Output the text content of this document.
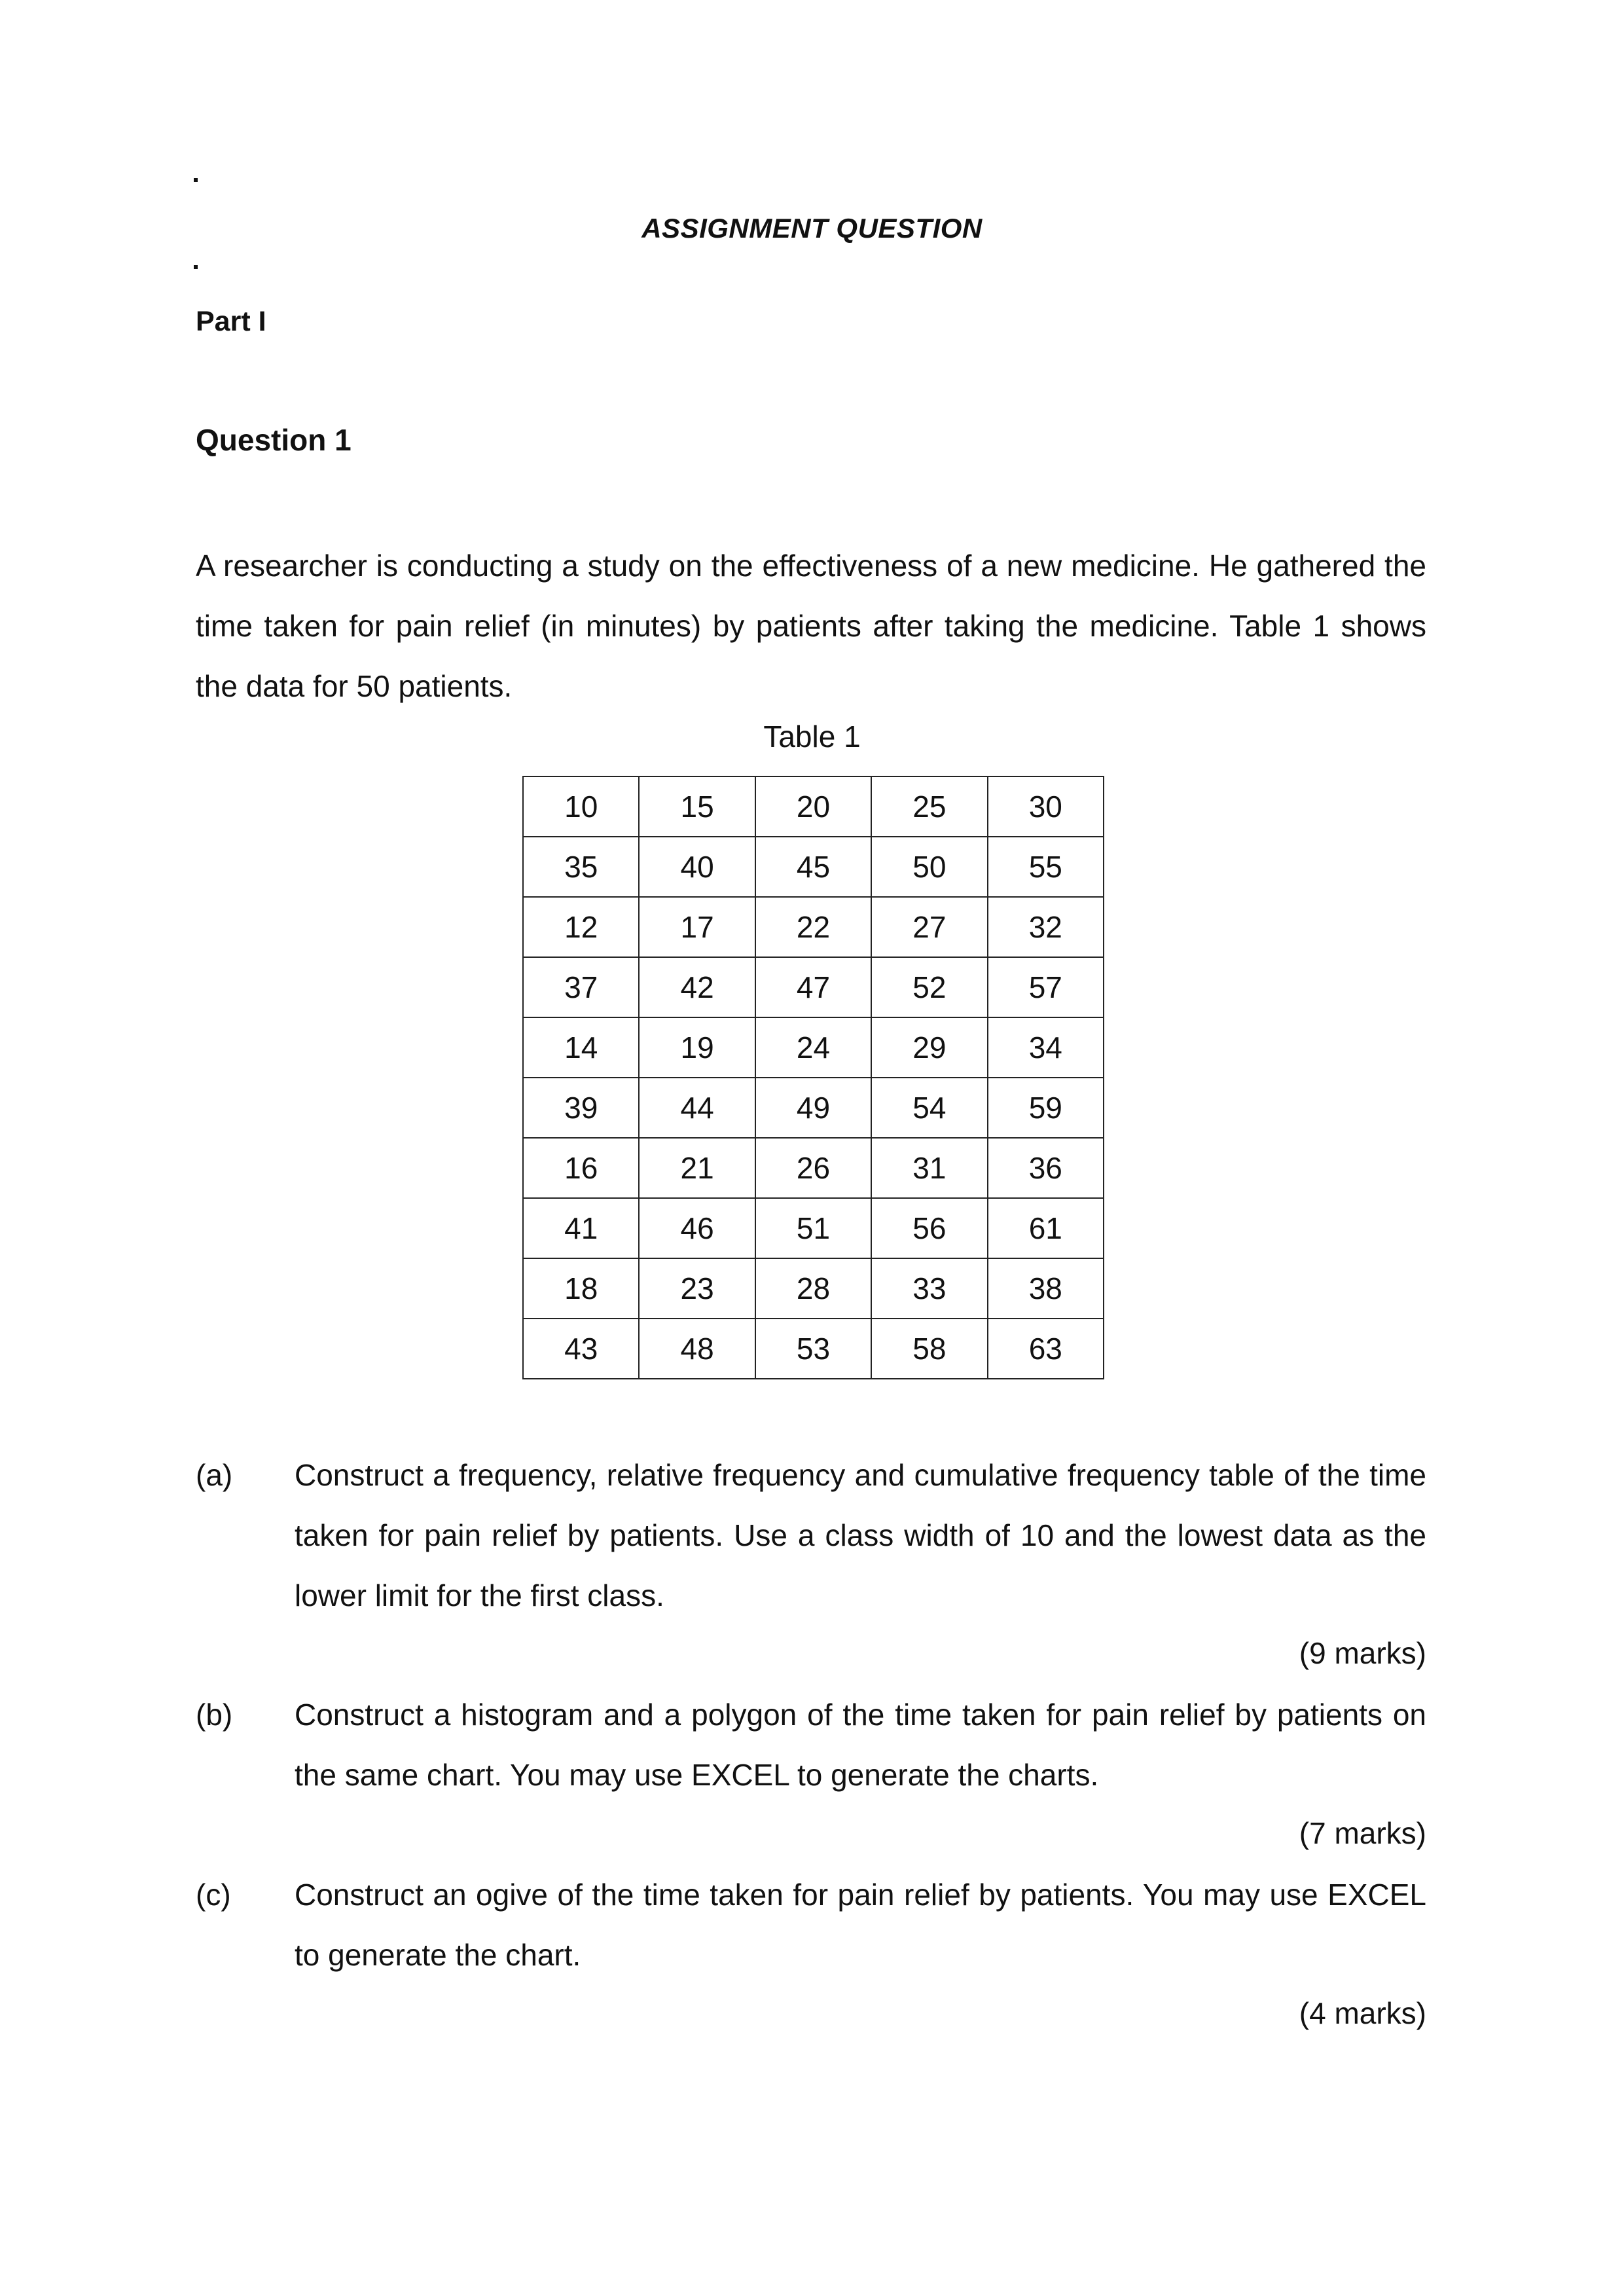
ASSIGNMENT QUESTION
Part I
Question 1
A researcher is conducting a study on the effectiveness of a new medicine. He gathered the time taken for pain relief (in minutes) by patients after taking the medicine. Table 1 shows the data for 50 patients.
Table 1
10	15	20	25	30
35	40	45	50	55
12	17	22	27	32
37	42	47	52	57
14	19	24	29	34
39	44	49	54	59
16	21	26	31	36
41	46	51	56	61
18	23	28	33	38
43	48	53	58	63
(a) Construct a frequency, relative frequency and cumulative frequency table of the time taken for pain relief by patients. Use a class width of 10 and the lowest data as the lower limit for the first class.
(9 marks)
(b) Construct a histogram and a polygon of the time taken for pain relief by patients on the same chart. You may use EXCEL to generate the charts.
(7 marks)
(c) Construct an ogive of the time taken for pain relief by patients. You may use EXCEL to generate the chart.
(4 marks)
